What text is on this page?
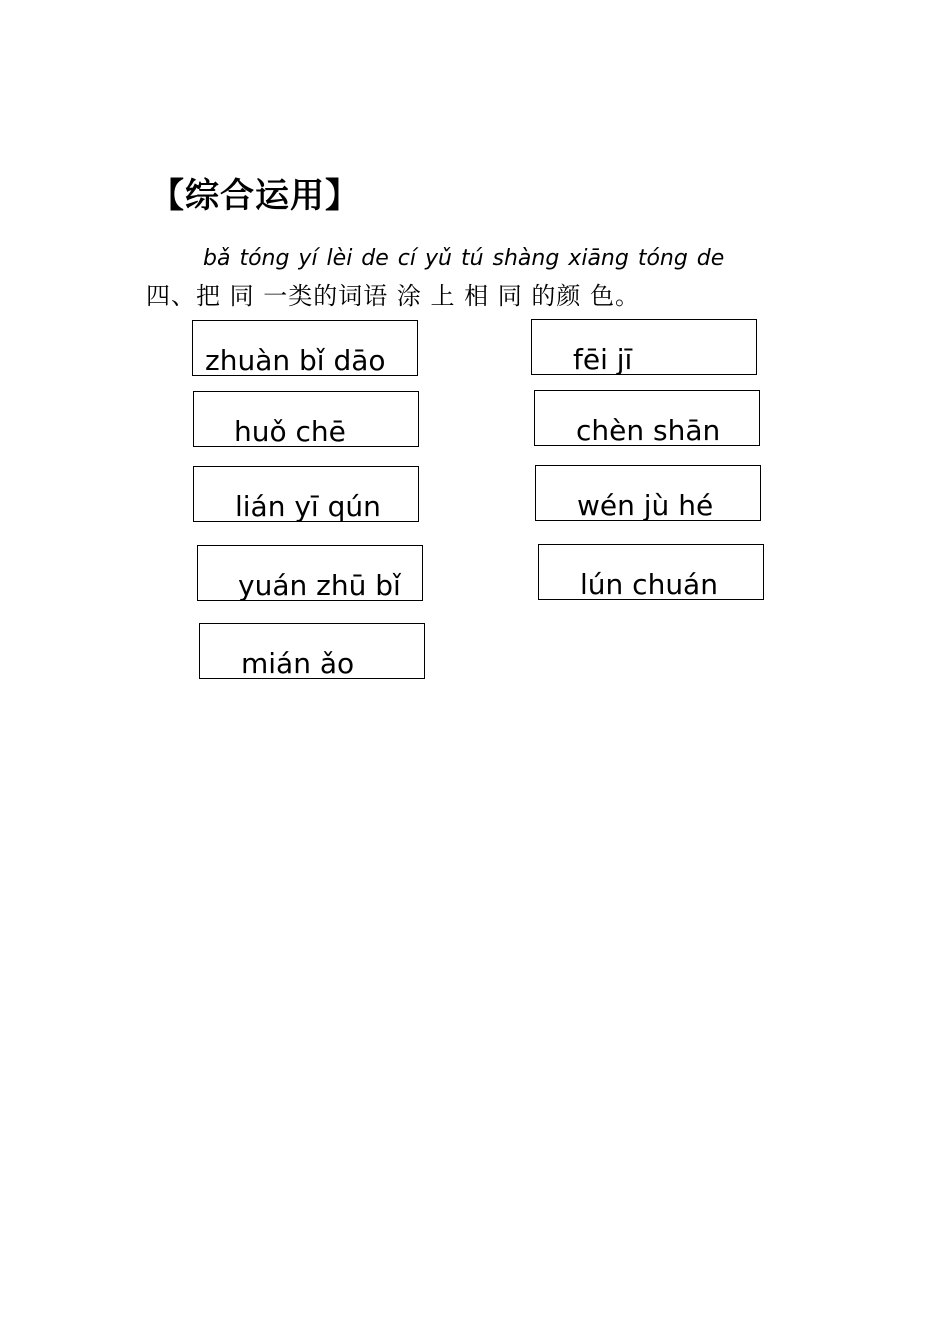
【综合运用】
bǎ tóng yí lèi de cí yǔ tú shàng xiāng tóng de
四、把 同 一类的词语 涂 上 相 同 的颜 色。
zhuàn bǐ dāo	fēi jī
huǒ chē	chèn shān
lián yī qún	wén jù hé
yuán zhū bǐ	lún chuán
mián ǎo
